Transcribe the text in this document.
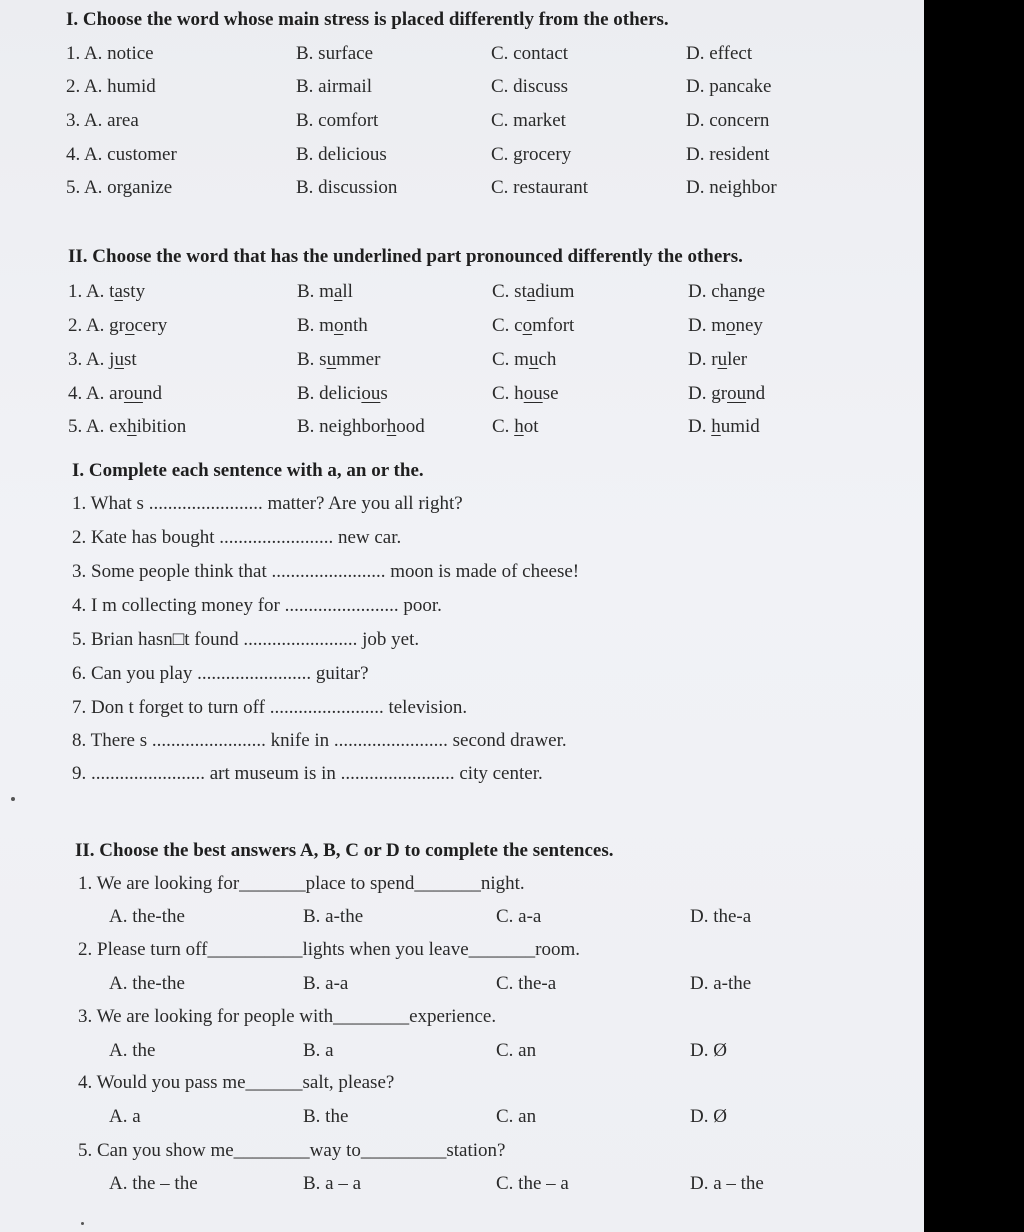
I. Choose the word whose main stress is placed differently from the others.
1. A. notice	B. surface	C. contact	D. effect
2. A. humid	B. airmail	C. discuss	D. pancake
3. A. area	B. comfort	C. market	D. concern
4. A. customer	B. delicious	C. grocery	D. resident
5. A. organize	B. discussion	C. restaurant	D. neighbor
II. Choose the word that has the underlined part pronounced differently the others.
1. A. tasty	B. mall	C. stadium	D. change
2. A. grocery	B. month	C. comfort	D. money
3. A. just	B. summer	C. much	D. ruler
4. A. around	B. delicious	C. house	D. ground
5. A. exhibition	B. neighborhood	C. hot	D. humid
I. Complete each sentence with a, an or the.
1. What s ........................ matter? Are you all right?
2. Kate has bought ........................ new car.
3. Some people think that ........................ moon is made of cheese!
4. I m collecting money for ........................ poor.
5. Brian hasn□t found ........................ job yet.
6. Can you play ........................ guitar?
7. Don t forget to turn off ........................ television.
8. There s ........................ knife in ........................ second drawer.
9. ........................ art museum is in ........................ city center.
II. Choose the best answers A, B, C or D to complete the sentences.
1. We are looking for_______place to spend_______night.
A. the-the	B. a-the	C. a-a	D. the-a
2. Please turn off__________lights when you leave_______room.
A. the-the	B. a-a	C. the-a	D. a-the
3. We are looking for people with________experience.
A. the	B. a	C. an	D. Ø
4. Would you pass me______salt, please?
A. a	B. the	C. an	D. Ø
5. Can you show me________way to_________station?
A. the – the	B. a – a	C. the – a	D. a – the
